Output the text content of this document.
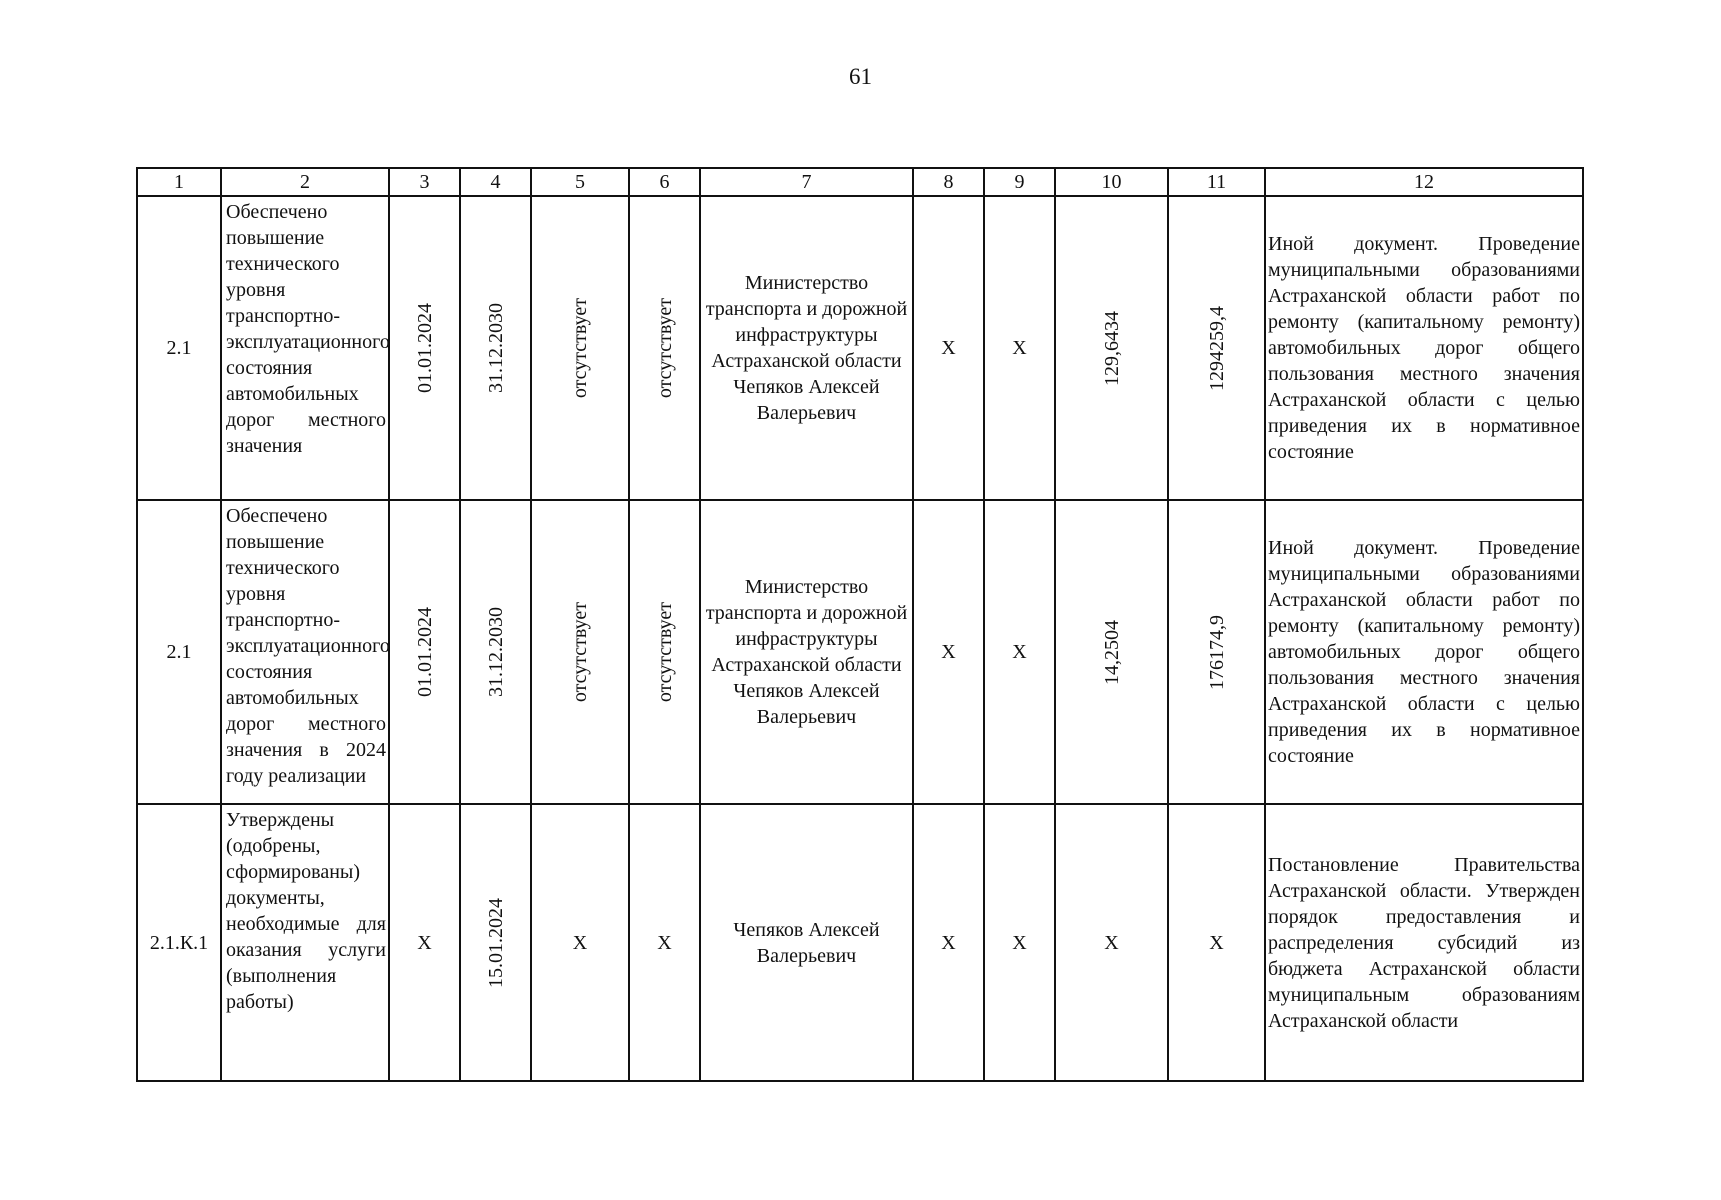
61
1	2	3	4	5	6	7	8	9	10	11	12
2.1	Обеспечено повышение технического уровня транспортно-эксплуатационного состояния автомобильных дорог местного значения	01.01.2024	31.12.2030	отсутствует	отсутствует	Министерство транспорта и дорожной инфраструктуры Астраханской области Чепяков Алексей Валерьевич	X	X	129,6434	1294259,4	Иной документ. Проведение муниципальными образованиями Астраханской области работ по ремонту (капитальному ремонту) автомобильных дорог общего пользования местного значения Астраханской области с целью приведения их в нормативное состояние

2.1	Обеспечено повышение технического уровня транспортно-эксплуатационного состояния автомобильных дорог местного значения в 2024 году реализации	01.01.2024	31.12.2030	отсутствует	отсутствует	Министерство транспорта и дорожной инфраструктуры Астраханской области Чепяков Алексей Валерьевич	X	X	14,2504	176174,9	Иной документ. Проведение муниципальными образованиями Астраханской области работ по ремонту (капитальному ремонту) автомобильных дорог общего пользования местного значения Астраханской области с целью приведения их в нормативное состояние

2.1.К.1	Утверждены (одобрены, сформированы) документы, необходимые для оказания услуги (выполнения работы)	X	15.01.2024	X	X	Чепяков Алексей Валерьевич	X	X	X	X	Постановление Правительства Астраханской области. Утвержден порядок предоставления и распределения субсидий из бюджета Астраханской области муниципальным образованиям Астраханской области
